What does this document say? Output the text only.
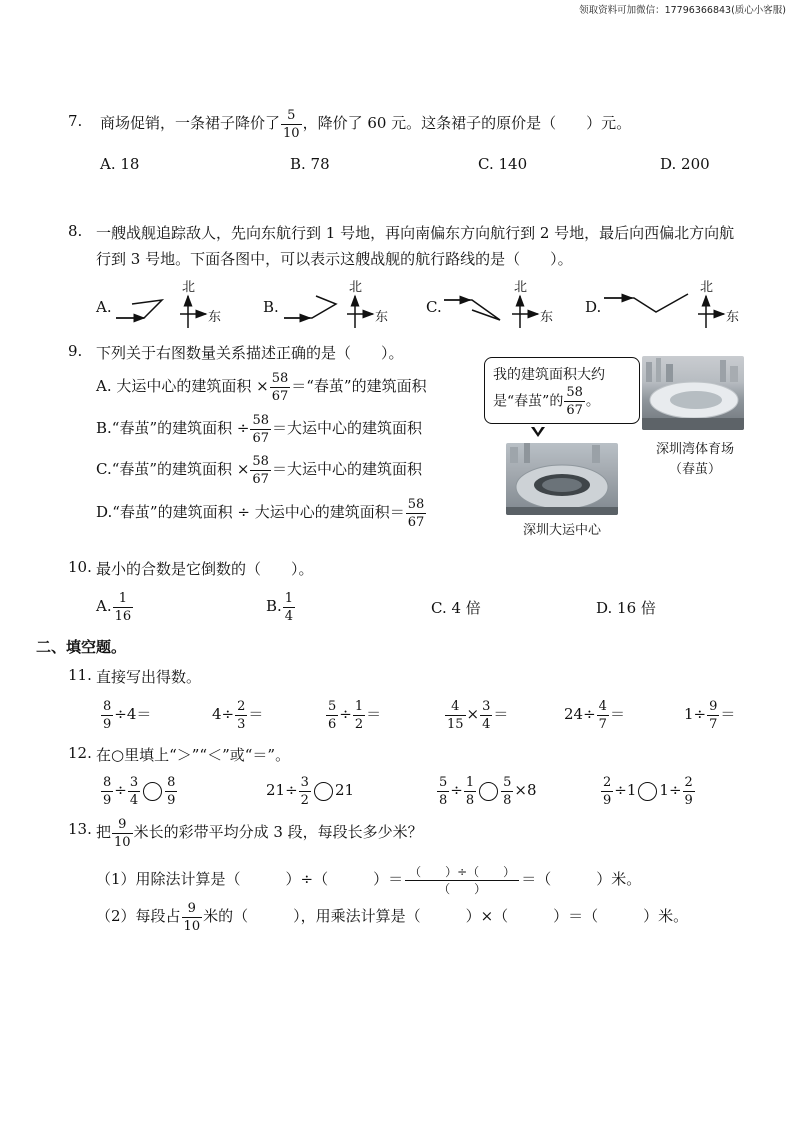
领取资料可加微信：17796366843(质心小客服)
7. 商场促销，一条裙子降价了 $\frac{5}{10}$ ，降价了 60 元。这条裙子的原价是（　　）元。
A. 18	B. 78	C. 140	D. 200
8. 一艘战舰追踪敌人，先向东航行到 1 号地，再向南偏东方向航行到 2 号地，最后向西偏北方向航
行到 3 号地。下面各图中，可以表示这艘战舰的航行路线的是（　　）。
A.	B.	C.	D.
北
东
北
东
北
东
北
东
9. 下列关于右图数量关系描述正确的是（　　）。
A. 大运中心的建筑面积 × $\frac{58}{67}$ ＝“春茧”的建筑面积
B.“春茧”的建筑面积 ÷ $\frac{58}{67}$ ＝大运中心的建筑面积
C.“春茧”的建筑面积 × $\frac{58}{67}$ ＝大运中心的建筑面积
D.“春茧”的建筑面积 ÷ 大运中心的建筑面积＝ $\frac{58}{67}$
我的建筑面积大约
是“春茧”的 $\frac{58}{67}$ 。
深圳湾体育场
（春茧）
深圳大运中心
10. 最小的合数是它倒数的（　　）。
A. $\frac{1}{16}$	B. $\frac{1}{4}$	C. 4 倍	D. 16 倍
二、填空题。
11. 直接写出得数。
$\frac{8}{9} \div 4=$	$4\div \frac{2}{3}$ ＝	$\frac{5}{6} \div \frac{1}{2}$ ＝	$\frac{4}{15} \times \frac{3}{4}$ ＝	$24\div \frac{4}{7}$ ＝	$1\div \frac{9}{7}$ ＝
12. 在○里填上“＞”“＜”或“＝”。
$\frac{8}{9} \div \frac{3}{4} \frac{8}{9}$	$21\div \frac{3}{2} 21$	$\frac{5}{8} \div \frac{1}{8} \frac{5}{8} \times 8$	$\frac{2}{9} \div 1$ $1\div \frac{2}{9}$
13. 把 $\frac{9}{10}$ 米长的彩带平均分成 3 段，每段长多少米？
（1）用除法计算是（　　　）÷（　　　）＝ （　　）÷（　　）
（　　）
＝（　　　）米。
（2）每段占 $\frac{9}{10}$ 米的（　　　），用乘法计算是（　　　）×（　　　）＝（　　　）米。
